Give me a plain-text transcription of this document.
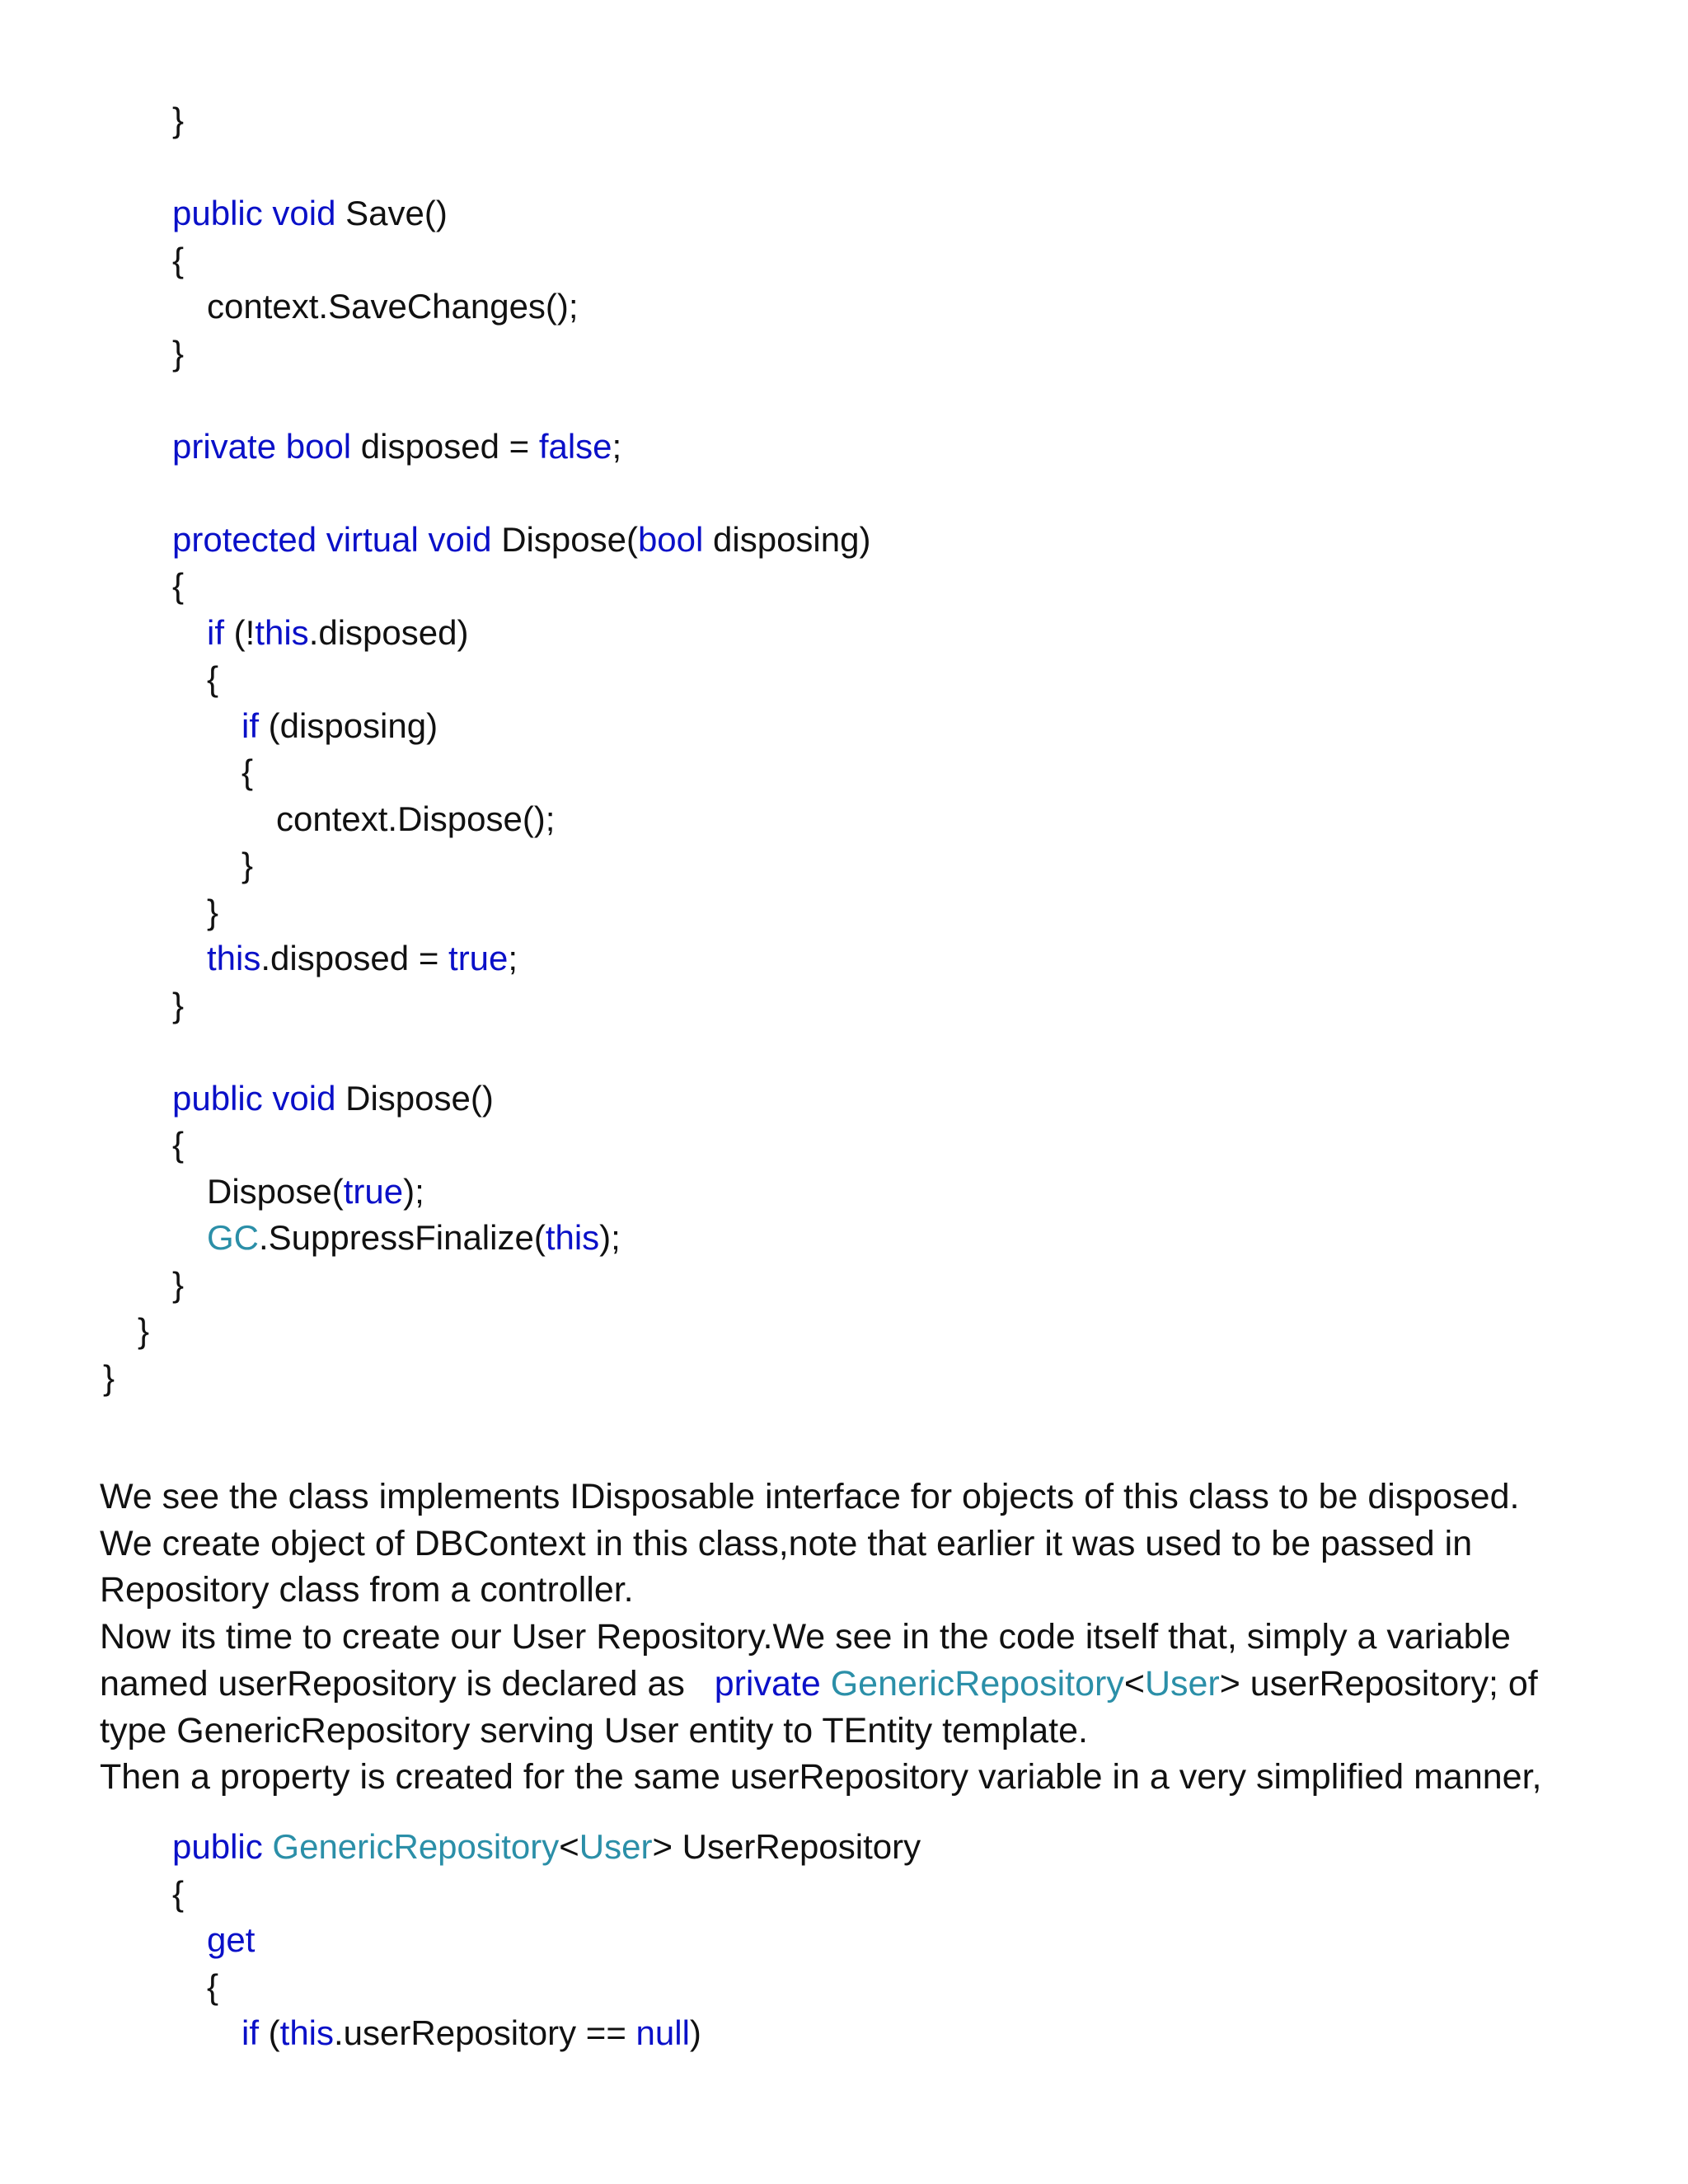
}
public void Save()
{
context.SaveChanges();
}
private bool disposed = false;
protected virtual void Dispose(bool disposing)
{
if (!this.disposed)
{
if (disposing)
{
context.Dispose();
}
}
this.disposed = true;
}
public void Dispose()
{
Dispose(true);
GC.SuppressFinalize(this);
}
}
}
We see the class implements IDisposable interface for objects of this class to be disposed.
We create object of DBContext in this class,note that earlier it was used to be passed in
Repository class from a controller.
Now its time to create our User Repository.We see in the code itself that, simply a variable
named userRepository is declared as   private GenericRepository<User> userRepository; of
type GenericRepository serving User entity to TEntity template.
Then a property is created for the same userRepository variable in a very simplified manner,
public GenericRepository<User> UserRepository
{
get
{
if (this.userRepository == null)
